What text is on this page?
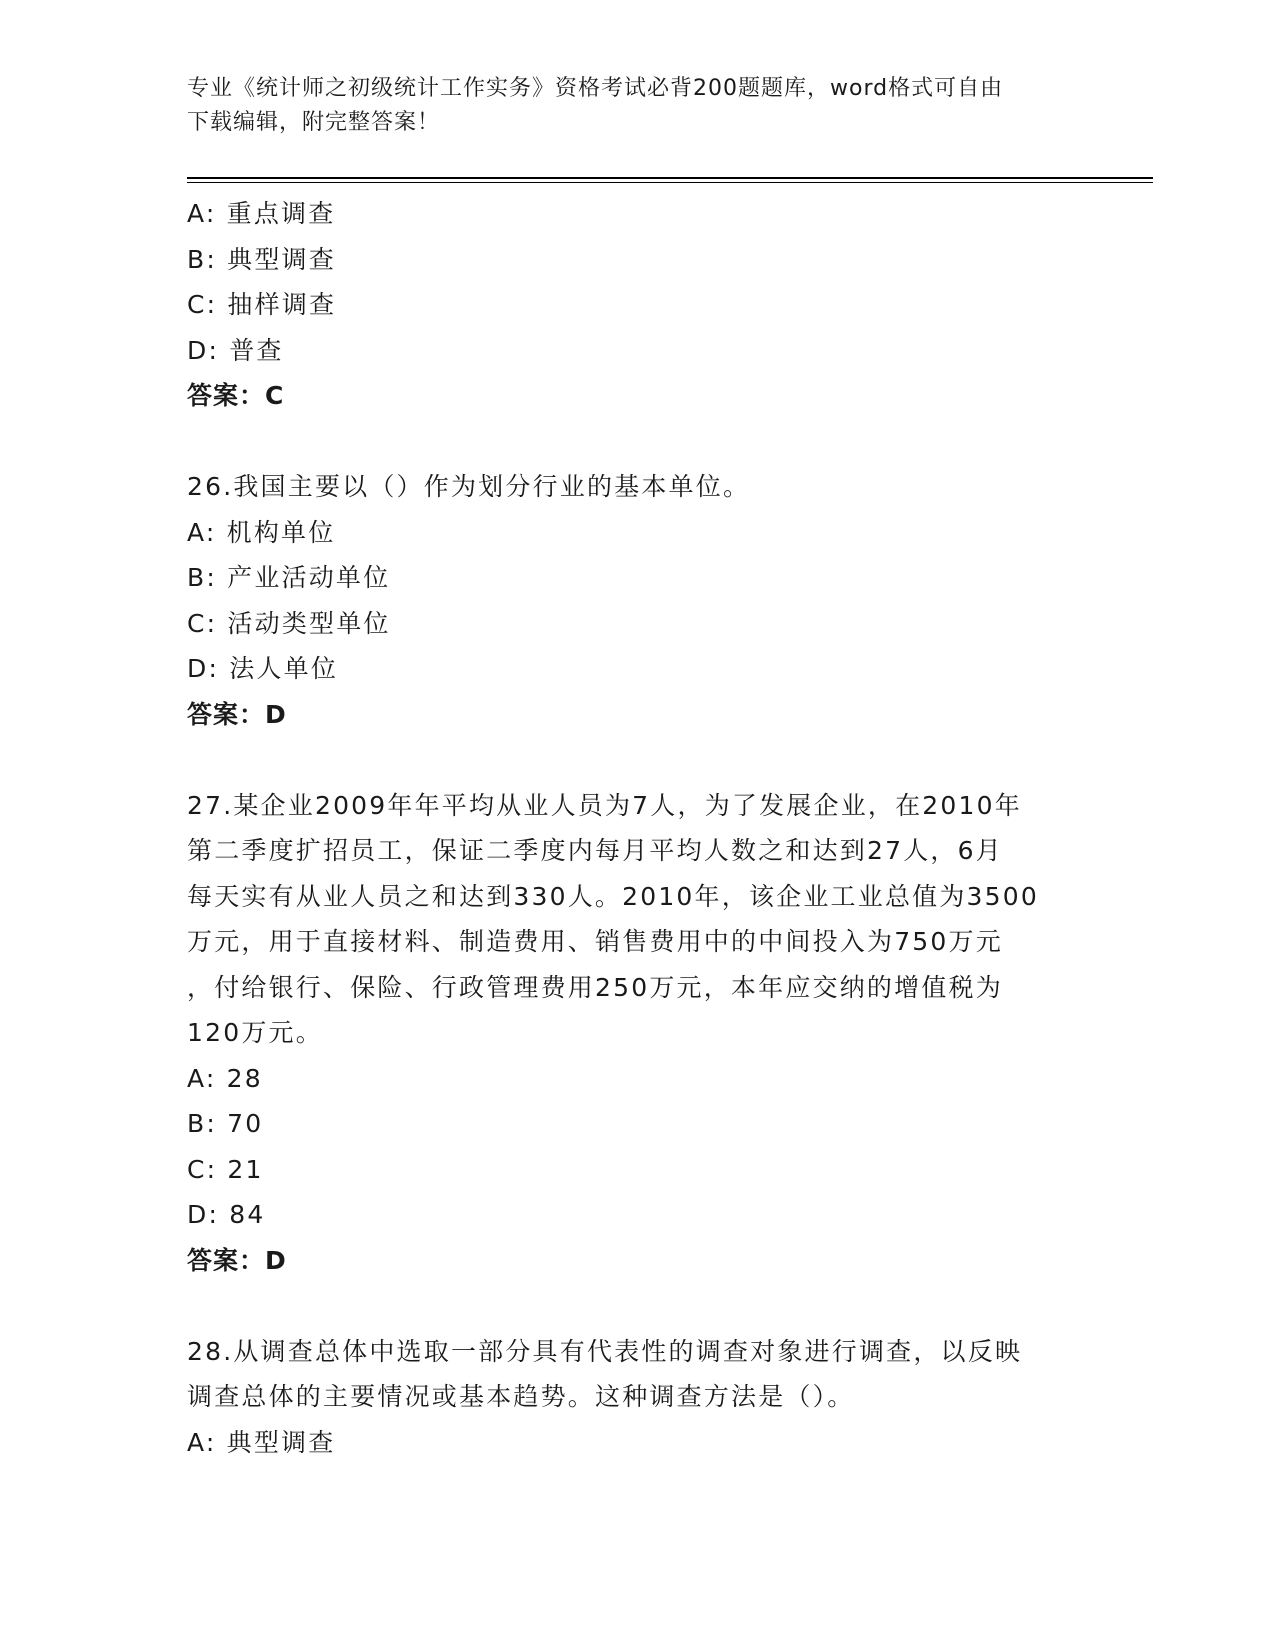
专业《统计师之初级统计工作实务》资格考试必背200题题库，word格式可自由
下载编辑，附完整答案！

A: 重点调查

B: 典型调查

C: 抽样调查

D: 普查

答案：C

26.我国主要以（）作为划分行业的基本单位。

A: 机构单位

B: 产业活动单位

C: 活动类型单位

D: 法人单位

答案：D

27.某企业2009年年平均从业人员为7人，为了发展企业，在2010年

第二季度扩招员工，保证二季度内每月平均人数之和达到27人，6月

每天实有从业人员之和达到330人。2010年，该企业工业总值为3500

万元，用于直接材料、制造费用、销售费用中的中间投入为750万元

，付给银行、保险、行政管理费用250万元，本年应交纳的增值税为

120万元。

A: 28

B: 70

C: 21

D: 84

答案：D

28.从调查总体中选取一部分具有代表性的调查对象进行调查，以反映

调查总体的主要情况或基本趋势。这种调查方法是（）。

A: 典型调查
